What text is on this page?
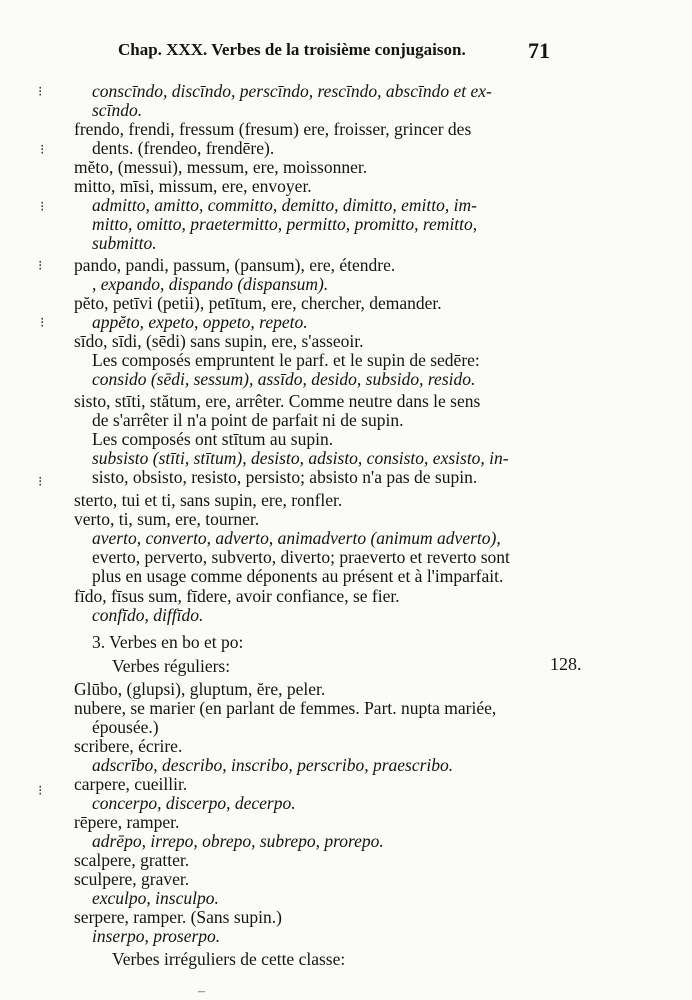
Chap. XXX. Verbes de la troisième conjugaison.	71
conscīndo, discīndo, perscīndo, rescīndo, abscīndo et ex-
scīndo.
frendo, frendi, fressum (fresum) ere, froisser, grincer des
dents. (frendeo, frendēre).
mĕto, (messui), messum, ere, moissonner.
mitto, mīsi, missum, ere, envoyer.
admitto, amitto, committo, demitto, dimitto, emitto, im-
mitto, omitto, praetermitto, permitto, promitto, remitto,
submitto.
pando, pandi, passum, (pansum), ere, étendre.
, expando, dispando (dispansum).
pĕto, petīvi (petii), petītum, ere, chercher, demander.
appĕto, expeto, oppeto, repeto.
sīdo, sīdi, (sēdi) sans supin, ere, s'asseoir.
Les composés empruntent le parf. et le supin de sedēre:
consido (sēdi, sessum), assīdo, desido, subsido, resido.
sisto, stīti, stătum, ere, arrêter. Comme neutre dans le sens
de s'arrêter il n'a point de parfait ni de supin.
Les composés ont stītum au supin.
subsisto (stīti, stītum), desisto, adsisto, consisto, exsisto, in-
sisto, obsisto, resisto, persisto; absisto n'a pas de supin.
sterto, tui et ti, sans supin, ere, ronfler.
verto, ti, sum, ere, tourner.
averto, converto, adverto, animadverto (animum adverto),
everto, perverto, subverto, diverto; praeverto et reverto sont
plus en usage comme déponents au présent et à l'imparfait.
fīdo, fīsus sum, fīdere, avoir confiance, se fier.
confīdo, diffīdo.
3. Verbes en bo et po:
Verbes réguliers:	128.
Glūbo, (glupsi), gluptum, ĕre, peler.
nubere, se marier (en parlant de femmes. Part. nupta mariée,
épousée.)
scribere, écrire.
adscrībo, describo, inscribo, perscribo, praescribo.
carpere, cueillir.
concerpo, discerpo, decerpo.
rēpere, ramper.
adrēpo, irrepo, obrepo, subrepo, prorepo.
scalpere, gratter.
sculpere, graver.
exculpo, insculpo.
serpere, ramper. (Sans supin.)
inserpo, proserpo.
Verbes irréguliers de cette classe:
⁝
⁝
⁝
⁝
⁝
⁝
⁝
–
